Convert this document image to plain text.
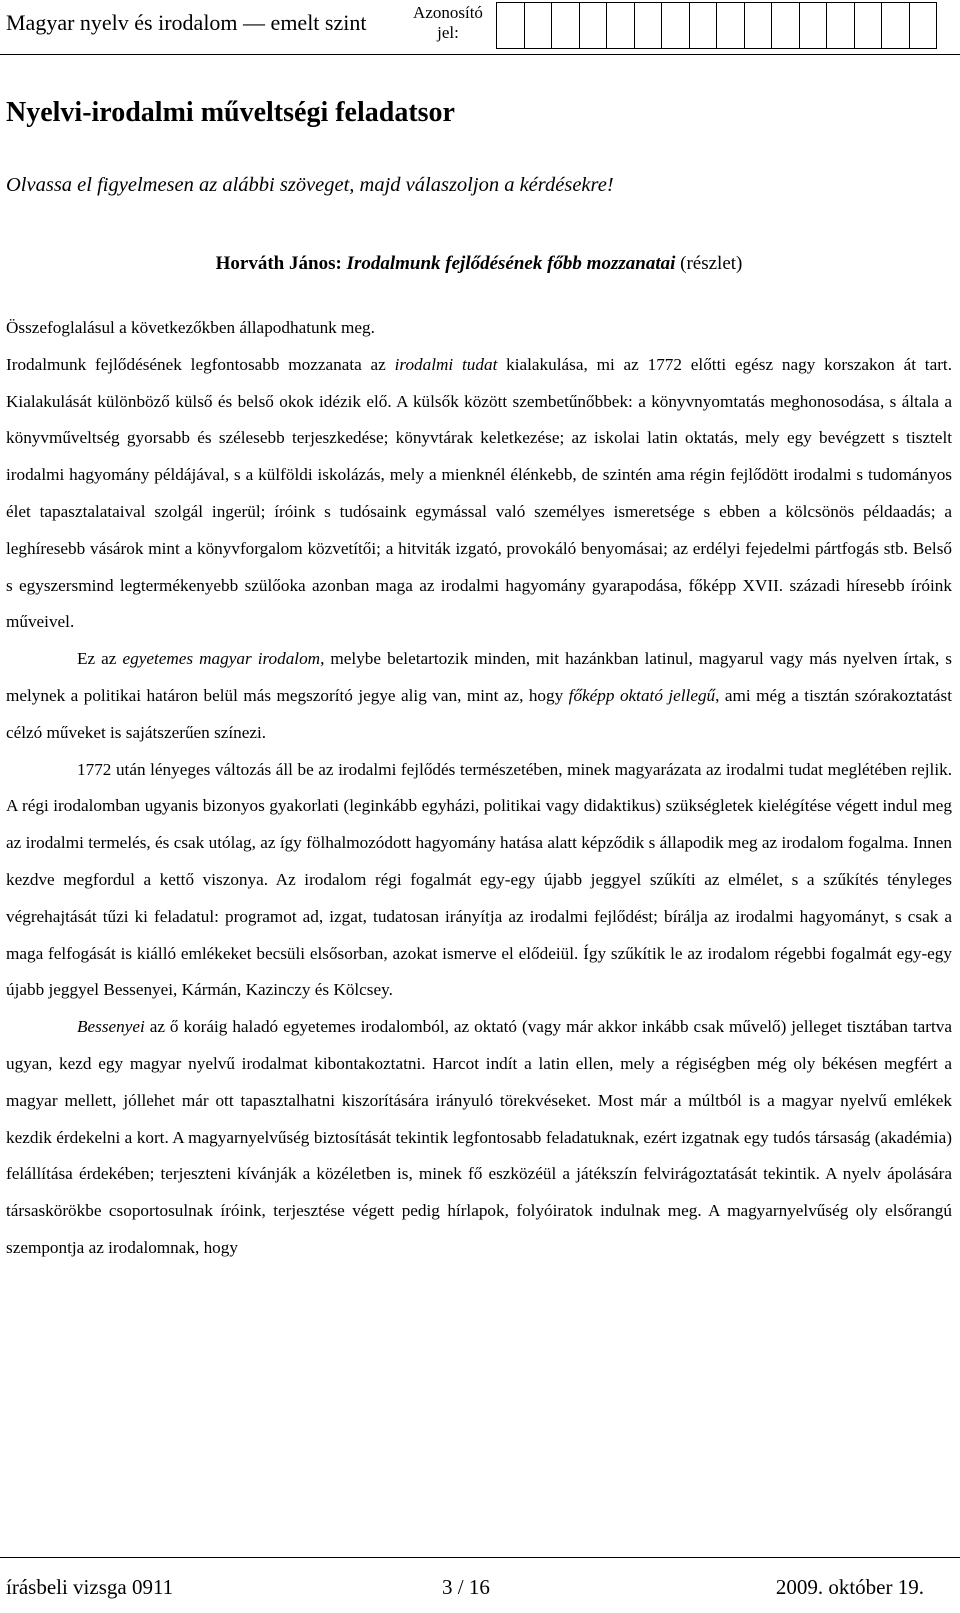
Magyar nyelv és irodalom — emelt szint	Azonosító jel:

Nyelvi-irodalmi műveltségi feladatsor

Olvassa el figyelmesen az alábbi szöveget, majd válaszoljon a kérdésekre!

Horváth János: Irodalmunk fejlődésének főbb mozzanatai (részlet)

Összefoglalásul a következőkben állapodhatunk meg.

Irodalmunk fejlődésének legfontosabb mozzanata az irodalmi tudat kialakulása, mi az 1772 előtti egész nagy korszakon át tart. Kialakulását különböző külső és belső okok idézik elő. A külsők között szembetűnőbbek: a könyvnyomtatás meghonosodása, s általa a könyvműveltség gyorsabb és szélesebb terjeszkedése; könyvtárak keletkezése; az iskolai latin oktatás, mely egy bevégzett s tisztelt irodalmi hagyomány példájával, s a külföldi iskolázás, mely a mienknél élénkebb, de szintén ama régin fejlődött irodalmi s tudományos élet tapasztalataival szolgál ingerül; íróink s tudósaink egymással való személyes ismeretsége s ebben a kölcsönös példaadás; a leghíresebb vásárok mint a könyvforgalom közvetítői; a hitviták izgató, provokáló benyomásai; az erdélyi fejedelmi pártfogás stb. Belső s egyszersmind legtermékenyebb szülőoka azonban maga az irodalmi hagyomány gyarapodása, főképp XVII. századi híresebb íróink műveivel.

Ez az egyetemes magyar irodalom, melybe beletartozik minden, mit hazánkban latinul, magyarul vagy más nyelven írtak, s melynek a politikai határon belül más megszorító jegye alig van, mint az, hogy főképp oktató jellegű, ami még a tisztán szórakoztatást célzó műveket is sajátszerűen színezi.

1772 után lényeges változás áll be az irodalmi fejlődés természetében, minek magyarázata az irodalmi tudat meglétében rejlik. A régi irodalomban ugyanis bizonyos gyakorlati (leginkább egyházi, politikai vagy didaktikus) szükségletek kielégítése végett indul meg az irodalmi termelés, és csak utólag, az így fölhalmozódott hagyomány hatása alatt képződik s állapodik meg az irodalom fogalma. Innen kezdve megfordul a kettő viszonya. Az irodalom régi fogalmát egy-egy újabb jeggyel szűkíti az elmélet, s a szűkítés tényleges végrehajtását tűzi ki feladatul: programot ad, izgat, tudatosan irányítja az irodalmi fejlődést; bírálja az irodalmi hagyományt, s csak a maga felfogását is kiálló emlékeket becsüli elsősorban, azokat ismerve el elődeiül. Így szűkítik le az irodalom régebbi fogalmát egy-egy újabb jeggyel Bessenyei, Kármán, Kazinczy és Kölcsey.

Bessenyei az ő koráig haladó egyetemes irodalomból, az oktató (vagy már akkor inkább csak művelő) jelleget tisztában tartva ugyan, kezd egy magyar nyelvű irodalmat kibontakoztatni. Harcot indít a latin ellen, mely a régiségben még oly békésen megfért a magyar mellett, jóllehet már ott tapasztalhatni kiszorítására irányuló törekvéseket. Most már a múltból is a magyar nyelvű emlékek kezdik érdekelni a kort. A magyarnyelvűség biztosítását tekintik legfontosabb feladatuknak, ezért izgatnak egy tudós társaság (akadémia) felállítása érdekében; terjeszteni kívánják a közéletben is, minek fő eszközéül a játékszín felvirágoztatását tekintik. A nyelv ápolására társaskörökbe csoportosulnak íróink, terjesztése végett pedig hírlapok, folyóiratok indulnak meg. A magyarnyelvűség oly elsőrangú szempontja az irodalomnak, hogy

írásbeli vizsga 0911	3 / 16	2009. október 19.
